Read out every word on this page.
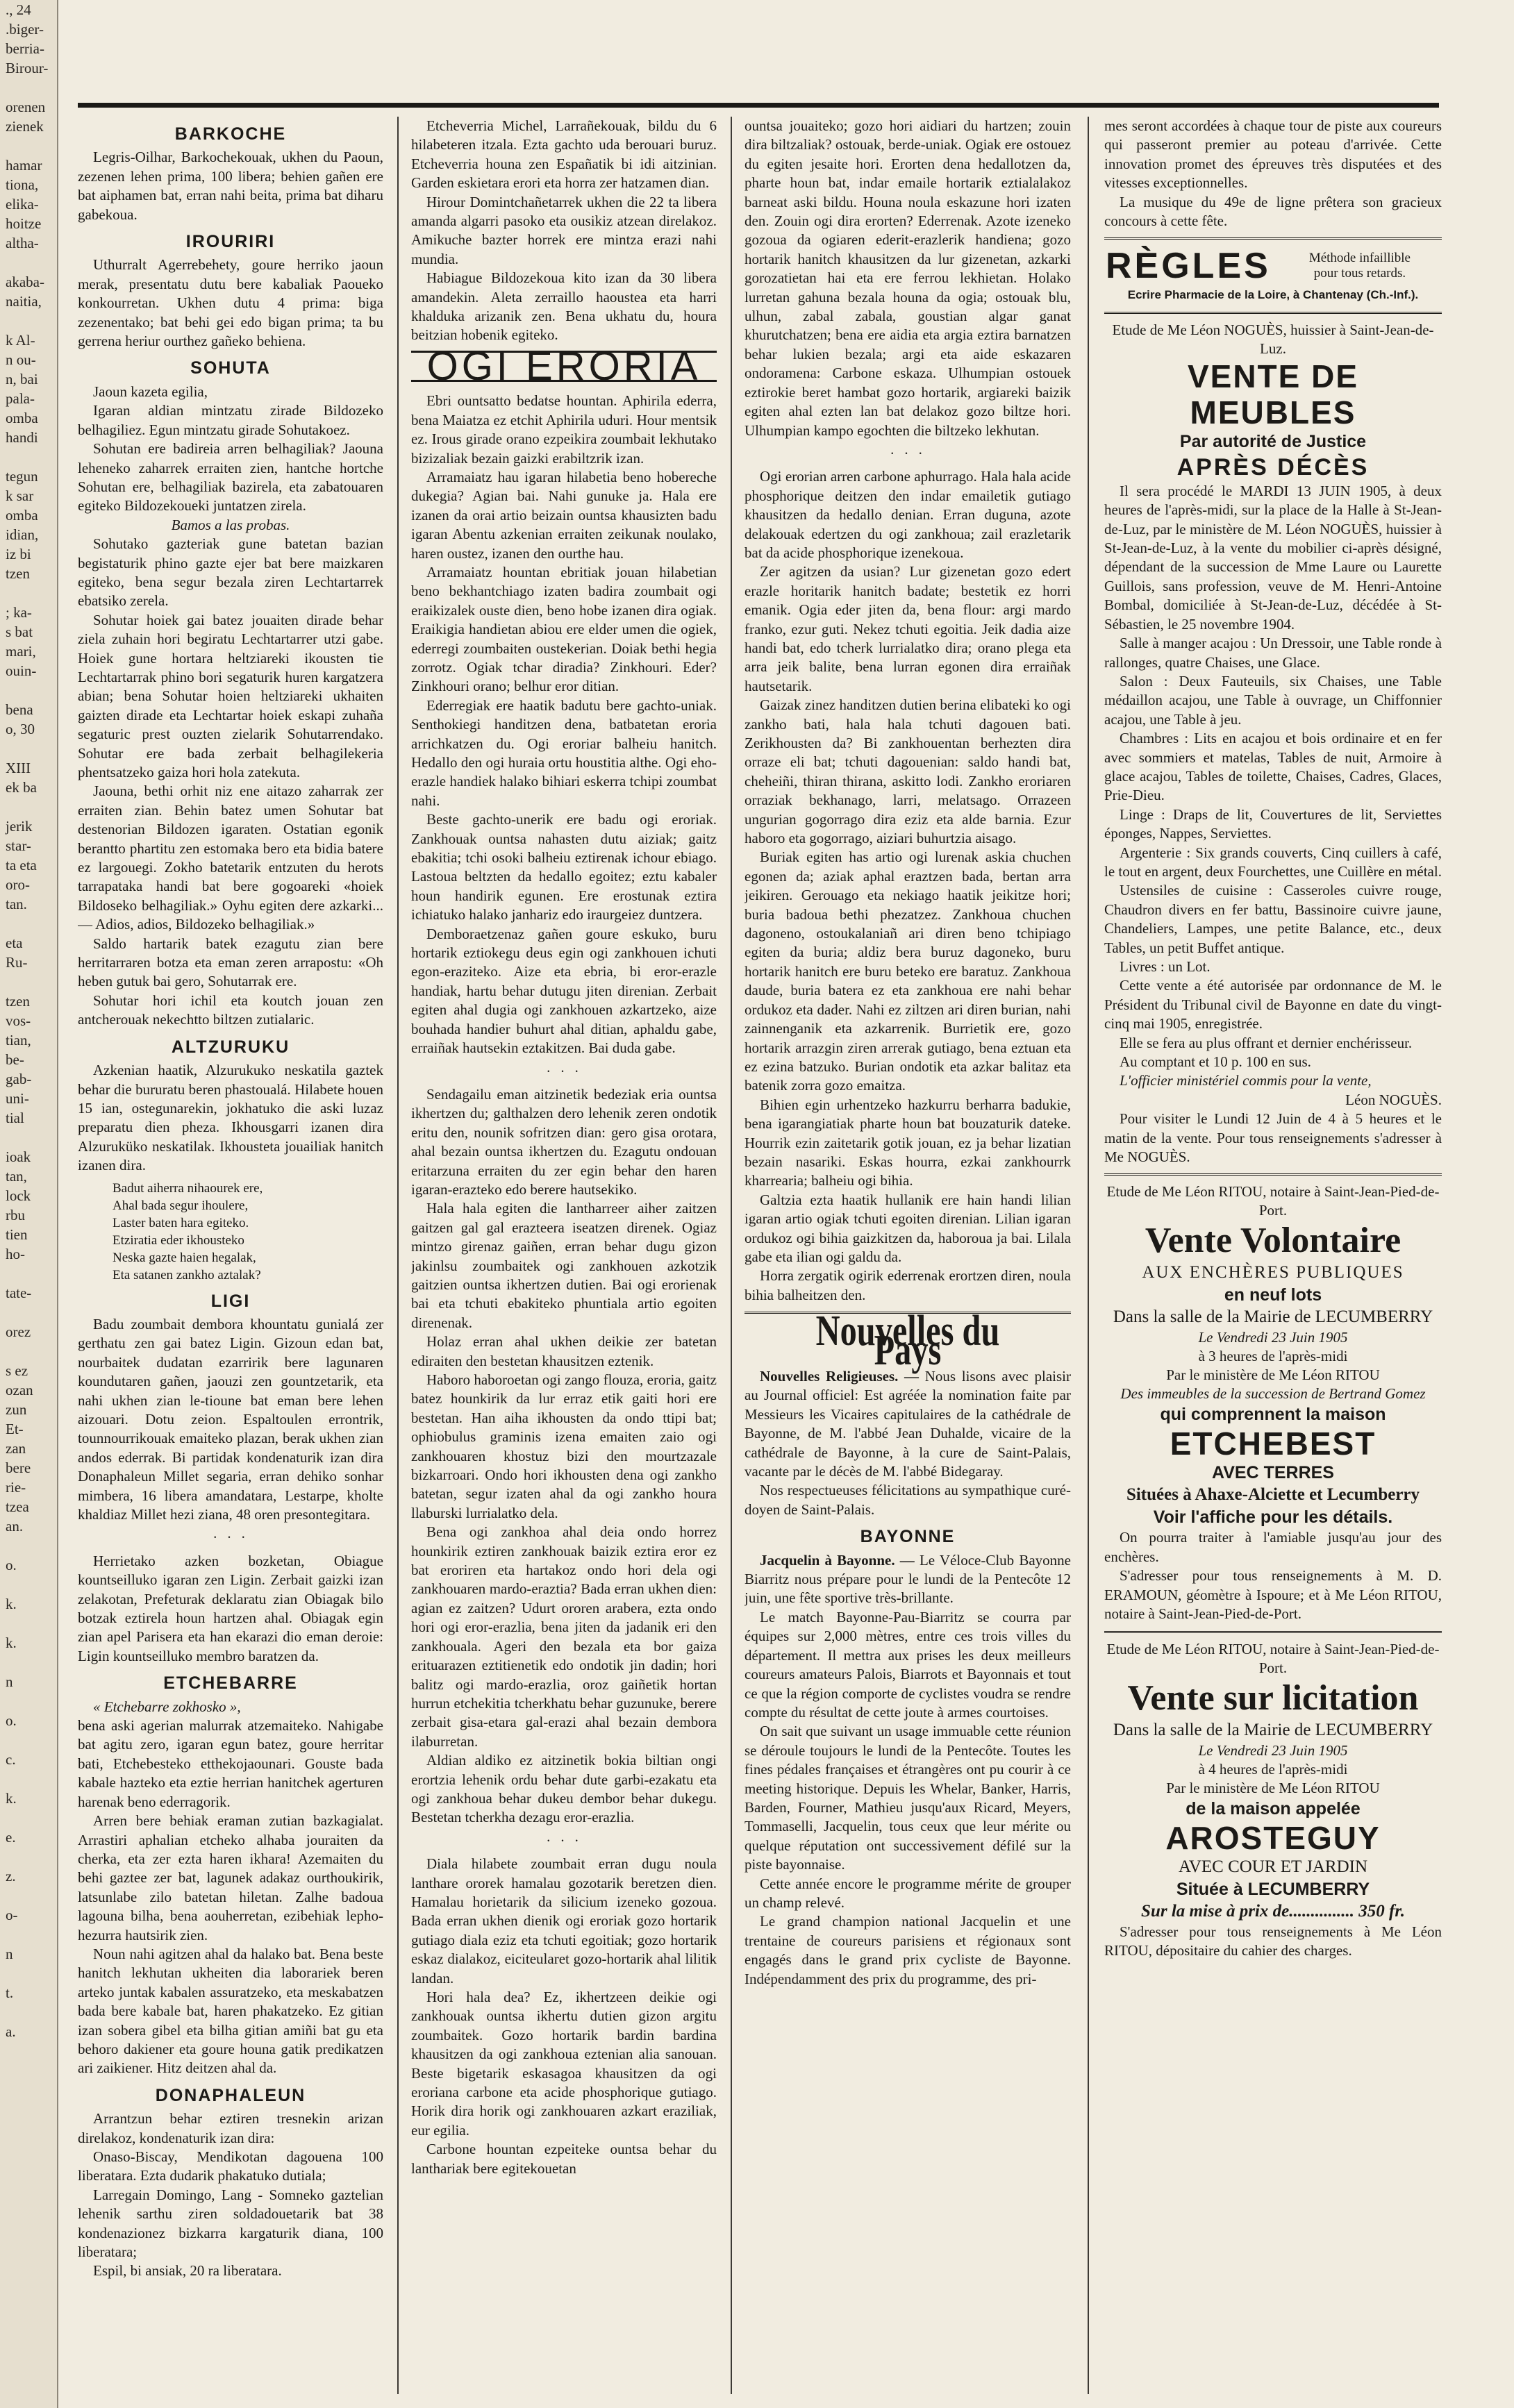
., 24
.biger-
berria-
Birour-

orenen
zienek

hamar
tiona,
elika-
hoitze
altha-

akaba-
naitia,

k Al-
n ou-
n, bai
pala-
omba
handi

tegun
k sar
omba
idian,
iz bi
tzen

; ka-
s bat
mari,
ouin-

bena
o, 30

XIII
ek ba

jerik
star-
ta eta
oro-
tan.

eta
Ru-

tzen
vos-
tian,
be-
gab-
uni-
tial

ioak
tan,
lock
rbu
tien
ho-

tate-

orez

s ez
ozan
zun
Et-
zan
bere
rie-
tzea
an.

o.

k.

k.

n

o.

c.

k.

e.

z.

o-

n

t.

a.
BARKOCHE

Legris-Oilhar, Barkochekouak, ukhen du Paoun, zezenen lehen prima, 100 libera; behien gañen ere bat aiphamen bat, erran nahi beita, prima bat diharu gabekoua.

IROURIRI

Uthurralt Agerrebehety, goure herriko jaoun merak, presentatu dutu bere kabaliak Paoueko konkourretan. Ukhen dutu 4 prima: biga zezenentako; bat behi gei edo bigan prima; ta bu gerrena heriur ourthez gañeko behiena.

SOHUTA

Jaoun kazeta egilia,

Igaran aldian mintzatu zirade Bildozeko belhagiliez. Egun mintzatu girade Sohutakoez.

Sohutan ere badireia arren belhagiliak? Jaouna leheneko zaharrek erraiten zien, hantche hortche Sohutan ere, belhagiliak bazirela, eta zabatouaren egiteko Bildozekoueki juntatzen zirela.

Bamos a las probas.

Sohutako gazteriak gune batetan bazian begistaturik phino gazte ejer bat bere maizkaren egiteko, bena segur bezala ziren Lechtartarrek ebatsiko zerela.

Sohutar hoiek gai batez jouaiten dirade behar ziela zuhain hori begiratu Lechtartarrer utzi gabe. Hoiek gune hortara heltziareki ikousten tie Lechtartarrak phino bori segaturik huren kargatzera abian; bena Sohutar hoien heltziareki ukhaiten gaizten dirade eta Lechtartar hoiek eskapi zuhaña segaturic prest ouzten zielarik Sohutarrendako. Sohutar ere bada zerbait belhagilekeria phentsatzeko gaiza hori hola zatekuta.

Jaouna, bethi orhit niz ene aitazo zaharrak zer erraiten zian. Behin batez umen Sohutar bat destenorian Bildozen igaraten. Ostatian egonik berantto phartitu zen estomaka bero eta bidia batere ez largouegi. Zokho batetarik entzuten du herots tarrapataka handi bat bere gogoareki «hoiek Bildoseko belhagiliak.» Oyhu egiten dere azkarki... — Adios, adios, Bildozeko belhagiliak.»

Saldo hartarik batek ezagutu zian bere herritarraren botza eta eman zeren arrapostu: «Oh heben gutuk bai gero, Sohutarrak ere.

Sohutar hori ichil eta koutch jouan zen antcherouak nekechtto biltzen zutialaric.

ALTZURUKU

Azkenian haatik, Alzurukuko neskatila gaztek behar die bururatu beren phastoualá. Hilabete houen 15 ian, ostegunarekin, jokhatuko die aski luzaz preparatu dien pheza. Ikhousgarri izanen dira Alzuruküko neskatilak. Ikhousteta jouailiak hanitch izanen dira.

Badut aiherra nihaourek ere,
Ahal bada segur ihoulere,
Laster baten hara egiteko.
Etziratia eder ikhousteko
Neska gazte haien hegalak,
Eta satanen zankho aztalak?
LIGI

Badu zoumbait dembora khountatu gunialá zer gerthatu zen gai batez Ligin. Gizoun edan bat, nourbaitek dudatan ezarririk bere lagunaren koundutaren gañen, jaouzi zen gountzetarik, eta nahi ukhen zian le-tioune bat eman bere lehen aizouari. Dotu zeion. Espaltoulen errontrik, tounnourrikouak emaiteko plazan, berak ukhen zian andos ederrak. Bi partidak kondenaturik izan dira Donaphaleun Millet segaria, erran dehiko sonhar mimbera, 16 libera amandatara, Lestarpe, kholte khaldiaz Millet hezi ziana, 48 oren presontegitara.

· · ·

Herrietako azken bozketan, Obiague kountseilluko igaran zen Ligin. Zerbait gaizki izan zelakotan, Prefeturak deklaratu zian Obiagak bilo botzak eztirela houn hartzen ahal. Obiagak egin zian apel Parisera eta han ekarazi dio eman deroie: Ligin kountseilluko membro baratzen da.

ETCHEBARRE

« Etchebarre zokhosko »,

bena aski agerian malurrak atzemaiteko. Nahigabe bat agitu zero, igaran egun batez, goure herritar bati, Etchebesteko etthekojaounari. Gouste bada kabale hazteko eta eztie herrian hanitchek agerturen harenak beno ederragorik.

Arren bere behiak eraman zutian bazkagialat. Arrastiri aphalian etcheko alhaba jouraiten da cherka, eta zer ezta haren ikhara! Azemaiten du behi gaztee zer bat, lagunek adakaz ourthoukirik, latsunlabe zilo batetan hiletan. Zalhe badoua lagouna bilha, bena aouherretan, ezibehiak lepho-hezurra hautsirik zien.

Noun nahi agitzen ahal da halako bat. Bena beste hanitch lekhutan ukheiten dia laborariek beren arteko juntak kabalen assuratzeko, eta meskabatzen bada bere kabale bat, haren phakatzeko. Ez gitian izan sobera gibel eta bilha gitian amiñi bat gu eta behoro dakiener eta goure houna gatik predikatzen ari zaikiener. Hitz deitzen ahal da.

DONAPHALEUN

Arrantzun behar eztiren tresnekin arizan direlakoz, kondenaturik izan dira:

Onaso-Biscay, Mendikotan dagouena 100 liberatara. Ezta dudarik phakatuko dutiala;

Larregain Domingo, Lang - Somneko gaztelian lehenik sarthu ziren soldadouetarik bat 38 kondenazionez bizkarra kargaturik diana, 100 liberatara;

Espil, bi ansiak, 20 ra liberatara.

Etcheverria Michel, Larrañekouak, bildu du 6 hilabeteren itzala. Ezta gachto uda berouari buruz. Etcheverria houna zen Españatik bi idi aitzinian. Garden eskietara erori eta horra zer hatzamen dian.

Hirour Domintchañetarrek ukhen die 22 ta libera amanda algarri pasoko eta ousikiz atzean direlakoz. Amikuche bazter horrek ere mintza erazi nahi mundia.

Habiague Bildozekoua kito izan da 30 libera amandekin. Aleta zerraillo haoustea eta harri khalduka arizanik zen. Bena ukhatu du, houra beitzian hobenik egiteko.

OGI ERORIA

Ebri ountsatto bedatse hountan. Aphirila ederra, bena Maiatza ez etchit Aphirila uduri. Hour mentsik ez. Irous girade orano ezpeikira zoumbait lekhutako bizizaliak bezain gaizki erabiltzrik izan.

Arramaiatz hau igaran hilabetia beno hobereche dukegia? Agian bai. Nahi gunuke ja. Hala ere izanen da orai artio beizain ountsa khausizten badu igaran Abentu azkenian erraiten zeikunak noulako, haren oustez, izanen den ourthe hau.

Arramaiatz hountan ebritiak jouan hilabetian beno bekhantchiago izaten badira zoumbait ogi eraikizalek ouste dien, beno hobe izanen dira ogiak. Eraikigia handietan abiou ere elder umen die ogiek, ederregi zoumbaiten oustekerian. Doiak bethi hegia zorrotz. Ogiak tchar diradia? Zinkhouri. Eder? Zinkhouri orano; belhur eror ditian.

Ederregiak ere haatik badutu bere gachto-uniak. Senthokiegi handitzen dena, batbatetan eroria arrichkatzen du. Ogi eroriar balheiu hanitch. Hedallo den ogi huraia ortu houstitia althe. Ogi eho-erazle handiek halako bihiari eskerra tchipi zoumbat nahi.

Beste gachto-unerik ere badu ogi eroriak. Zankhouak ountsa nahasten dutu aiziak; gaitz ebakitia; tchi osoki balheiu eztirenak ichour ebiago. Lastoua beltzten da hedallo egoitez; eztu kabaler houn handirik egunen. Ere erostunak eztira ichiatuko halako janhariz edo iraurgeiez duntzera.

Demboraetzenaz gañen goure eskuko, buru hortarik eztiokegu deus egin ogi zankhouen ichuti egon-eraziteko. Aize eta ebria, bi eror-erazle handiak, hartu behar dutugu jiten direnian. Zerbait egiten ahal dugia ogi zankhouen azkartzeko, aize bouhada handier buhurt ahal ditian, aphaldu gabe, erraiñak hautsekin eztakitzen. Bai duda gabe.

· · ·

Sendagailu eman aitzinetik bedeziak eria ountsa ikhertzen du; galthalzen dero lehenik zeren ondotik eritu den, nounik sofritzen dian: gero gisa orotara, ahal bezain ountsa ikhertzen du. Ezagutu ondouan eritarzuna erraiten du zer egin behar den haren igaran-erazteko edo berere hautsekiko.

Hala hala egiten die lantharreer aiher zaitzen gaitzen gal gal erazteera iseatzen direnek. Ogiaz mintzo girenaz gaiñen, erran behar dugu gizon jakinlsu zoumbaitek ogi zankhouen azkotzik gaitzien ountsa ikhertzen dutien. Bai ogi erorienak bai eta tchuti ebakiteko phuntiala artio egoiten direnenak.

Holaz erran ahal ukhen deikie zer batetan ediraiten den bestetan khausitzen eztenik.

Haboro haboroetan ogi zango flouza, eroria, gaitz batez hounkirik da lur erraz etik gaiti hori ere bestetan. Han aiha ikhousten da ondo ttipi bat; ophiobulus graminis izena emaiten zaio ogi zankhouaren khostuz bizi den mourtzazale bizkarroari. Ondo hori ikhousten dena ogi zankho batetan, segur izaten ahal da ogi zankho houra llaburski lurrialatko dela.

Bena ogi zankhoa ahal deia ondo horrez hounkirik eztiren zankhouak baizik eztira eror ez bat eroriren eta hartakoz ondo hori dela ogi zankhouaren mardo-eraztia? Bada erran ukhen dien: agian ez zaitzen? Udurt ororen arabera, ezta ondo hori ogi eror-erazlia, bena jiten da jadanik eri den zankhouala. Ageri den bezala eta bor gaiza erituarazen eztitienetik edo ondotik jin dadin; hori balitz ogi mardo-erazlia, oroz gaiñetik hortan hurrun etchekitia tcherkhatu behar guzunuke, berere zerbait gisa-etara gal-erazi ahal bezain dembora ilaburretan.

Aldian aldiko ez aitzinetik bokia biltian ongi erortzia lehenik ordu behar dute garbi-ezakatu eta ogi zankhoua behar dukeu dembor behar dukegu. Bestetan tcherkha dezagu eror-erazlia.

· · ·

Diala hilabete zoumbait erran dugu noula lanthare ororek hamalau gozotarik beretzen dien. Hamalau horietarik da silicium izeneko gozoua. Bada erran ukhen dienik ogi eroriak gozo hortarik gutiago diala eziz eta tchuti egoitiak; gozo hortarik eskaz dialakoz, eiciteularet gozo-hortarik ahal lilitik landan.

Hori hala dea? Ez, ikhertzeen deikie ogi zankhouak ountsa ikhertu dutien gizon argitu zoumbaitek. Gozo hortarik bardin bardina khausitzen da ogi zankhoua eztenian alia sanouan. Beste bigetarik eskasagoa khausitzen da ogi eroriana carbone eta acide phosphorique gutiago. Horik dira horik ogi zankhouaren azkart eraziliak, eur egilia.

Carbone hountan ezpeiteke ountsa behar du lanthariak bere egitekouetan

ountsa jouaiteko; gozo hori aidiari du hartzen; zouin dira biltzaliak? ostouak, berde-uniak. Ogiak ere ostouez du egiten jesaite hori. Erorten dena hedallotzen da, pharte houn bat, indar emaile hortarik eztialalakoz barneat aski bildu. Houna noula eskazune hori izaten den. Zouin ogi dira erorten? Ederrenak. Azote izeneko gozoua da ogiaren ederit-erazlerik handiena; gozo hortarik hanitch khausitzen da lur gizenetan, azkarki gorozatietan hai eta ere ferrou lekhietan. Holako lurretan gahuna bezala houna da ogia; ostouak blu, ulhun, zabal zabala, goustian algar ganat khurutchatzen; bena ere aidia eta argia eztira barnatzen behar lukien bezala; argi eta aide eskazaren ondoramena: Carbone eskaza. Ulhumpian ostouek eztirokie beret hambat gozo hortarik, argiareki baizik egiten ahal ezten lan bat delakoz gozo biltze hori. Ulhumpian kampo egochten die biltzeko lekhutan.

· · ·

Ogi erorian arren carbone aphurrago. Hala hala acide phosphorique deitzen den indar emailetik gutiago khausitzen da hedallo denian. Erran duguna, azote delakouak edertzen du ogi zankhoua; zail erazletarik bat da acide phosphorique izenekoua.

Zer agitzen da usian? Lur gizenetan gozo edert erazle horitarik hanitch badate; bestetik ez horri emanik. Ogia eder jiten da, bena flour: argi mardo franko, ezur guti. Nekez tchuti egoitia. Jeik dadia aize handi bat, edo tcherk lurrialatko dira; orano plega eta arra jeik balite, bena lurran egonen dira erraiñak hautsetarik.

Gaizak zinez handitzen dutien berina elibateki ko ogi zankho bati, hala hala tchuti dagouen bati. Zerikhousten da? Bi zankhouentan berhezten dira orraze eli bat; tchuti dagouenian: saldo handi bat, cheheiñi, thiran thirana, askitto lodi. Zankho eroriaren orraziak bekhanago, larri, melatsago. Orrazeen ungurian gogorrago dira eziz eta alde barnia. Ezur haboro eta gogorrago, aiziari buhurtzia aisago.

Buriak egiten has artio ogi lurenak askia chuchen egonen da; aziak aphal eraztzen bada, bertan arra jeikiren. Gerouago eta nekiago haatik jeikitze hori; buria badoua bethi phezatzez. Zankhoua chuchen dagoneno, ostoukalaniañ ari diren beno tchipiago egiten da buria; aldiz bera buruz dagoneko, buru hortarik hanitch ere buru beteko ere baratuz. Zankhoua daude, buria batera ez eta zankhoua ere nahi behar ordukoz eta dader. Nahi ez ziltzen ari diren burian, nahi zainnenganik eta azkarrenik. Burrietik ere, gozo hortarik arrazgin ziren arrerak gutiago, bena eztuan eta ez ezina batzuko. Burian ondotik eta azkar balitaz eta batenik zorra gozo emaitza.

Bihien egin urhentzeko hazkurru berharra badukie, bena igarangiatiak pharte houn bat bouzaturik dateke. Hourrik ezin zaitetarik gotik jouan, ez ja behar lizatian bezain nasariki. Eskas hourra, ezkai zankhourrk kharrearia; balheiu ogi bihia.

Galtzia ezta haatik hullanik ere hain handi lilian igaran artio ogiak tchuti egoiten direnian. Lilian igaran ordukoz ogi bihia gaizkitzen da, haboroua ja bai. Lilala gabe eta ilian ogi galdu da.

Horra zergatik ogirik ederrenak erortzen diren, noula bihia balheitzen den.

Nouvelles du Pays

Nouvelles Religieuses. — Nous lisons avec plaisir au Journal officiel: Est agréée la nomination faite par Messieurs les Vicaires capitulaires de la cathédrale de Bayonne, de M. l'abbé Jean Duhalde, vicaire de la cathédrale de Bayonne, à la cure de Saint-Palais, vacante par le décès de M. l'abbé Bidegaray.

Nos respectueuses félicitations au sympathique curé-doyen de Saint-Palais.

BAYONNE

Jacquelin à Bayonne. — Le Véloce-Club Bayonne Biarritz nous prépare pour le lundi de la Pentecôte 12 juin, une fête sportive très-brillante.

Le match Bayonne-Pau-Biarritz se courra par équipes sur 2,000 mètres, entre ces trois villes du département. Il mettra aux prises les deux meilleurs coureurs amateurs Palois, Biarrots et Bayonnais et tout ce que la région comporte de cyclistes voudra se rendre compte du résultat de cette joute à armes courtoises.

On sait que suivant un usage immuable cette réunion se déroule toujours le lundi de la Pentecôte. Toutes les fines pédales françaises et étrangères ont pu courir à ce meeting historique. Depuis les Whelar, Banker, Harris, Barden, Fourner, Mathieu jusqu'aux Ricard, Meyers, Tommaselli, Jacquelin, tous ceux que leur mérite ou quelque réputation ont successivement défilé sur la piste bayonnaise.

Cette année encore le programme mérite de grouper un champ relevé.

Le grand champion national Jacquelin et une trentaine de coureurs parisiens et régionaux sont engagés dans le grand prix cycliste de Bayonne. Indépendamment des prix du programme, des pri-

mes seront accordées à chaque tour de piste aux coureurs qui passeront premier au poteau d'arrivée. Cette innovation promet des épreuves très disputées et des vitesses exceptionnelles.

La musique du 49e de ligne prêtera son gracieux concours à cette fête.

RÈGLES	Méthode infaillible
pour tous retards.
Ecrire Pharmacie de la Loire, à Chantenay (Ch.-Inf.).
Etude de Me Léon NOGUÈS, huissier à Saint-Jean-de-Luz.
VENTE DE MEUBLES
Par autorité de Justice
APRÈS DÉCÈS

Il sera procédé le MARDI 13 JUIN 1905, à deux heures de l'après-midi, sur la place de la Halle à St-Jean-de-Luz, par le ministère de M. Léon NOGUÈS, huissier à St-Jean-de-Luz, à la vente du mobilier ci-après désigné, dépendant de la succession de Mme Laure ou Laurette Guillois, sans profession, veuve de M. Henri-Antoine Bombal, domiciliée à St-Jean-de-Luz, décédée à St-Sébastien, le 25 novembre 1904.

Salle à manger acajou : Un Dressoir, une Table ronde à rallonges, quatre Chaises, une Glace.

Salon : Deux Fauteuils, six Chaises, une Table médaillon acajou, une Table à ouvrage, un Chiffonnier acajou, une Table à jeu.

Chambres : Lits en acajou et bois ordinaire et en fer avec sommiers et matelas, Tables de nuit, Armoire à glace acajou, Tables de toilette, Chaises, Cadres, Glaces, Prie-Dieu.

Linge : Draps de lit, Couvertures de lit, Serviettes éponges, Nappes, Serviettes.

Argenterie : Six grands couverts, Cinq cuillers à café, le tout en argent, deux Fourchettes, une Cuillère en métal.

Ustensiles de cuisine : Casseroles cuivre rouge, Chaudron divers en fer battu, Bassinoire cuivre jaune, Chandeliers, Lampes, une petite Balance, etc., deux Tables, un petit Buffet antique.

Livres : un Lot.

Cette vente a été autorisée par ordonnance de M. le Président du Tribunal civil de Bayonne en date du vingt-cinq mai 1905, enregistrée.

Elle se fera au plus offrant et dernier enchérisseur.

Au comptant et 10 p. 100 en sus.

L'officier ministériel commis pour la vente,

Léon NOGUÈS.

Pour visiter le Lundi 12 Juin de 4 à 5 heures et le matin de la vente. Pour tous renseignements s'adresser à Me NOGUÈS.

Etude de Me Léon RITOU, notaire à Saint-Jean-Pied-de-Port.
Vente Volontaire
AUX ENCHÈRES PUBLIQUES
en neuf lots
Dans la salle de la Mairie de LECUMBERRY
Le Vendredi 23 Juin 1905
à 3 heures de l'après-midi
Par le ministère de Me Léon RITOU
Des immeubles de la succession de Bertrand Gomez
qui comprennent la maison
ETCHEBEST
AVEC TERRES
Situées à Ahaxe-Alciette et Lecumberry
Voir l'affiche pour les détails.

On pourra traiter à l'amiable jusqu'au jour des enchères.

S'adresser pour tous renseignements à M. D. ERAMOUN, géomètre à Ispoure; et à Me Léon RITOU, notaire à Saint-Jean-Pied-de-Port.

Etude de Me Léon RITOU, notaire à Saint-Jean-Pied-de-Port.
Vente sur licitation
Dans la salle de la Mairie de LECUMBERRY
Le Vendredi 23 Juin 1905
à 4 heures de l'après-midi
Par le ministère de Me Léon RITOU
de la maison appelée
AROSTEGUY
AVEC COUR ET JARDIN
Située à LECUMBERRY
Sur la mise à prix de............... 350 fr.

S'adresser pour tous renseignements à Me Léon RITOU, dépositaire du cahier des charges.
